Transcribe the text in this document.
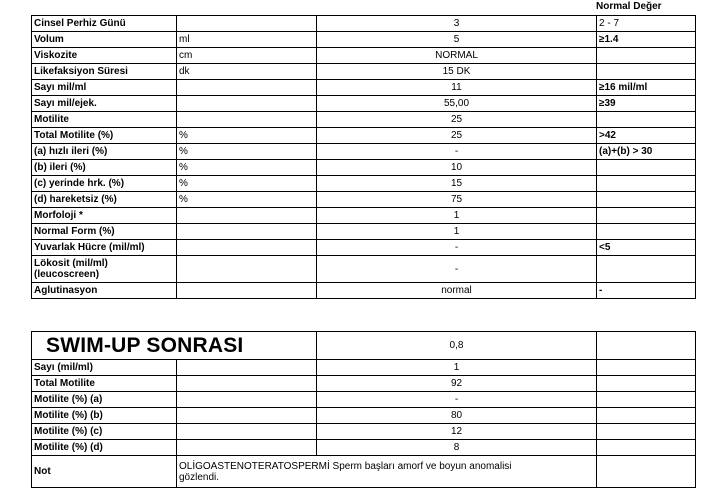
Normal Değer
Cinsel Perhiz Günü		3	2 - 7
Volum	ml	5	≥1.4
Viskozite	cm	NORMAL	
Likefaksiyon Süresi	dk	15 DK	
Sayı mil/ml		11	≥16 mil/ml
Sayı mil/ejek.		55,00	≥39
Motilite		25	
Total Motilite (%)	%	25	>42
(a) hızlı ileri (%)	%	-	(a)+(b) > 30
(b) ileri (%)	%	10	
(c) yerinde hrk. (%)	%	15	
(d) hareketsiz (%)	%	75	
Morfoloji *		1	
Normal Form (%)		1	
Yuvarlak Hücre (mil/ml)		-	<5
Lökosit (mil/ml)
(leucoscreen)		-	
Aglutinasyon		normal	-
SWIM-UP SONRASI		0,8	
Sayı (mil/ml)		1	
Total Motilite		92	
Motilite (%) (a)		-	
Motilite (%) (b)		80	
Motilite (%) (c)		12	
Motilite (%) (d)		8	
Not	OLİGOASTENOTERATOSPERMİ Sperm başları amorf ve boyun anomalisi
gözlendi.		
